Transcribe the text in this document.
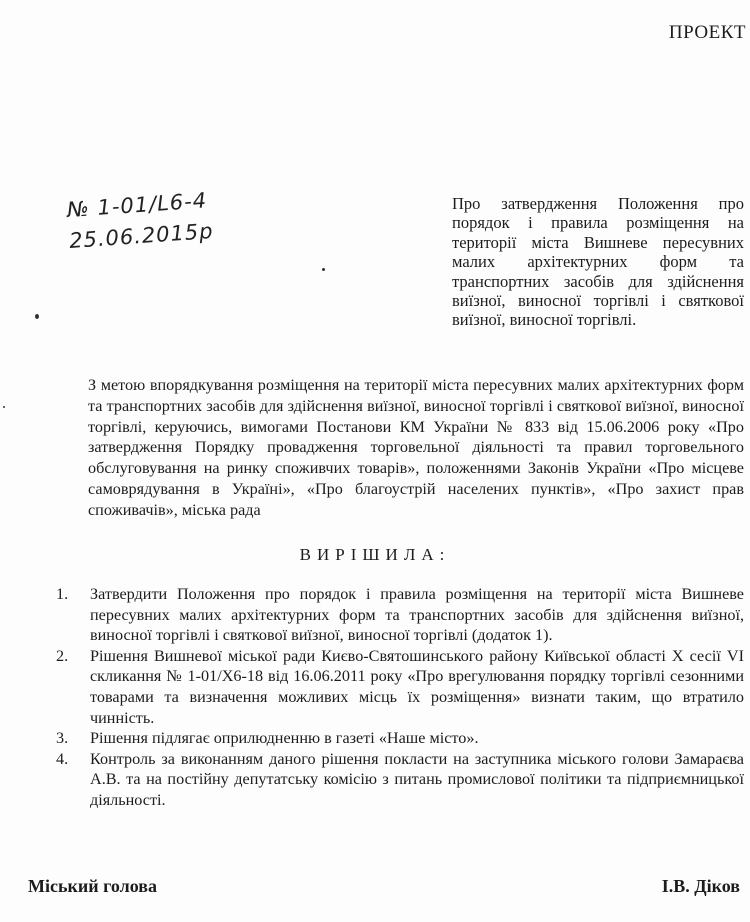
ПРОЕКТ
№ 1-01/L6-4
25.06.2015р
Про затвердження Положення про порядок і правила розміщення на території міста Вишневе пересувних малих архітектурних форм та транспортних засобів для здійснення виїзної, виносної торгівлі і святкової виїзної, виносної торгівлі.

З метою впорядкування розміщення на території міста пересувних малих архітектурних форм та транспортних засобів для здійснення виїзної, виносної торгівлі і святкової виїзної, виносної торгівлі, керуючись, вимогами Постанови КМ України № 833 від 15.06.2006 року «Про затвердження Порядку провадження торговельної діяльності та правил торговельного обслуговування на ринку споживчих товарів», положеннями Законів України «Про місцеве самоврядування в Україні», «Про благоустрій населених пунктів», «Про захист прав споживачів», міська рада

ВИРІШИЛА:
1.	Затвердити Положення про порядок і правила розміщення на території міста Вишневе пересувних малих архітектурних форм та транспортних засобів для здійснення виїзної, виносної торгівлі і святкової виїзної, виносної торгівлі (додаток 1).
2.	Рішення Вишневої міської ради Києво-Святошинського району Київської області Х сесії VI скликання № 1-01/Х6-18 від 16.06.2011 року «Про врегулювання порядку торгівлі сезонними товарами та визначення можливих місць їх розміщення» визнати таким, що втратило чинність.
3.	Рішення підлягає оприлюдненню в газеті «Наше місто».
4.	Контроль за виконанням даного рішення покласти на заступника міського голови Замараєва А.В. та на постійну депутатську комісію з питань промислової політики та підприємницької діяльності.
Міський голова	І.В. Діков
